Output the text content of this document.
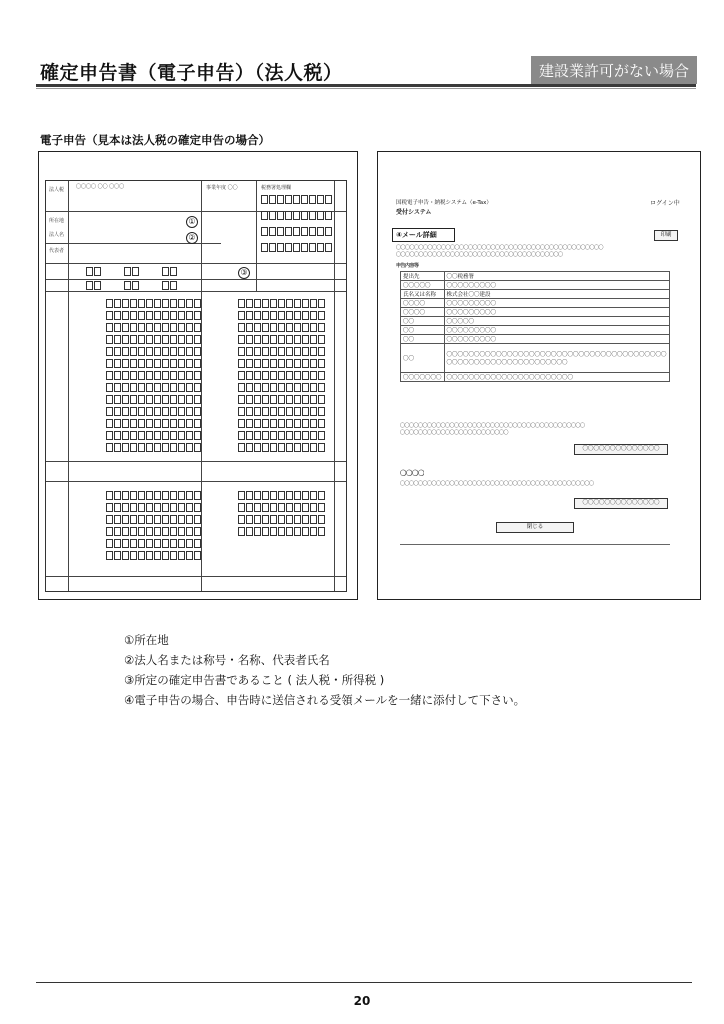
確定申告書（電子申告）（法人税）	建設業許可がない場合
電子申告（見本は法人税の確定申告の場合）
法人税 〇〇〇〇 〇〇 〇〇〇
所在地
法人名
代表者
事業年度 〇〇	税務署処理欄
①
②
③
国税電子申告・納税システム（e-Tax）
受付システム
ログイン中
④メール詳細	印刷
〇〇〇〇〇〇〇〇〇〇〇〇〇〇〇〇〇〇〇〇〇〇〇〇〇〇〇〇〇〇〇〇〇〇〇〇〇〇〇〇〇〇〇〇〇〇
〇〇〇〇〇〇〇〇〇〇〇〇〇〇〇〇〇〇〇〇〇〇〇〇〇〇〇〇〇〇〇〇〇〇〇〇〇
申告内容等
提出先	〇〇税務署
〇〇〇〇〇	〇〇〇〇〇〇〇〇〇
氏名又は名称	株式会社〇〇建設
〇〇〇〇	〇〇〇〇〇〇〇〇〇
〇〇〇〇	〇〇〇〇〇〇〇〇〇
〇〇	〇〇〇〇〇
〇〇	〇〇〇〇〇〇〇〇〇
〇〇	〇〇〇〇〇〇〇〇〇
〇〇	〇〇〇〇〇〇〇〇〇〇〇〇〇〇〇〇〇〇〇〇〇〇〇〇〇〇〇〇〇〇〇〇〇〇〇〇〇〇〇〇〇〇〇〇〇〇〇〇〇〇〇〇〇〇〇〇〇〇〇〇〇〇
〇〇〇〇〇〇〇	〇〇〇〇〇〇〇〇〇〇〇〇〇〇〇〇〇〇〇〇〇〇〇
〇〇〇〇〇〇〇〇〇〇〇〇〇〇〇〇〇〇〇〇〇〇〇〇〇〇〇〇〇〇〇〇〇〇〇〇〇〇〇〇〇
〇〇〇〇〇〇〇〇〇〇〇〇〇〇〇〇〇〇〇〇〇〇〇〇
〇〇〇〇〇〇〇〇〇〇〇〇〇〇
〇〇〇〇
〇〇〇〇〇〇〇〇〇〇〇〇〇〇〇〇〇〇〇〇〇〇〇〇〇〇〇〇〇〇〇〇〇〇〇〇〇〇〇〇〇〇〇
〇〇〇〇〇〇〇〇〇〇〇〇〇〇
閉じる
①所在地
②法人名または称号・名称、代表者氏名
③所定の確定申告書であること ( 法人税・所得税 )
④電子申告の場合、申告時に送信される受領メールを一緒に添付して下さい。
20
